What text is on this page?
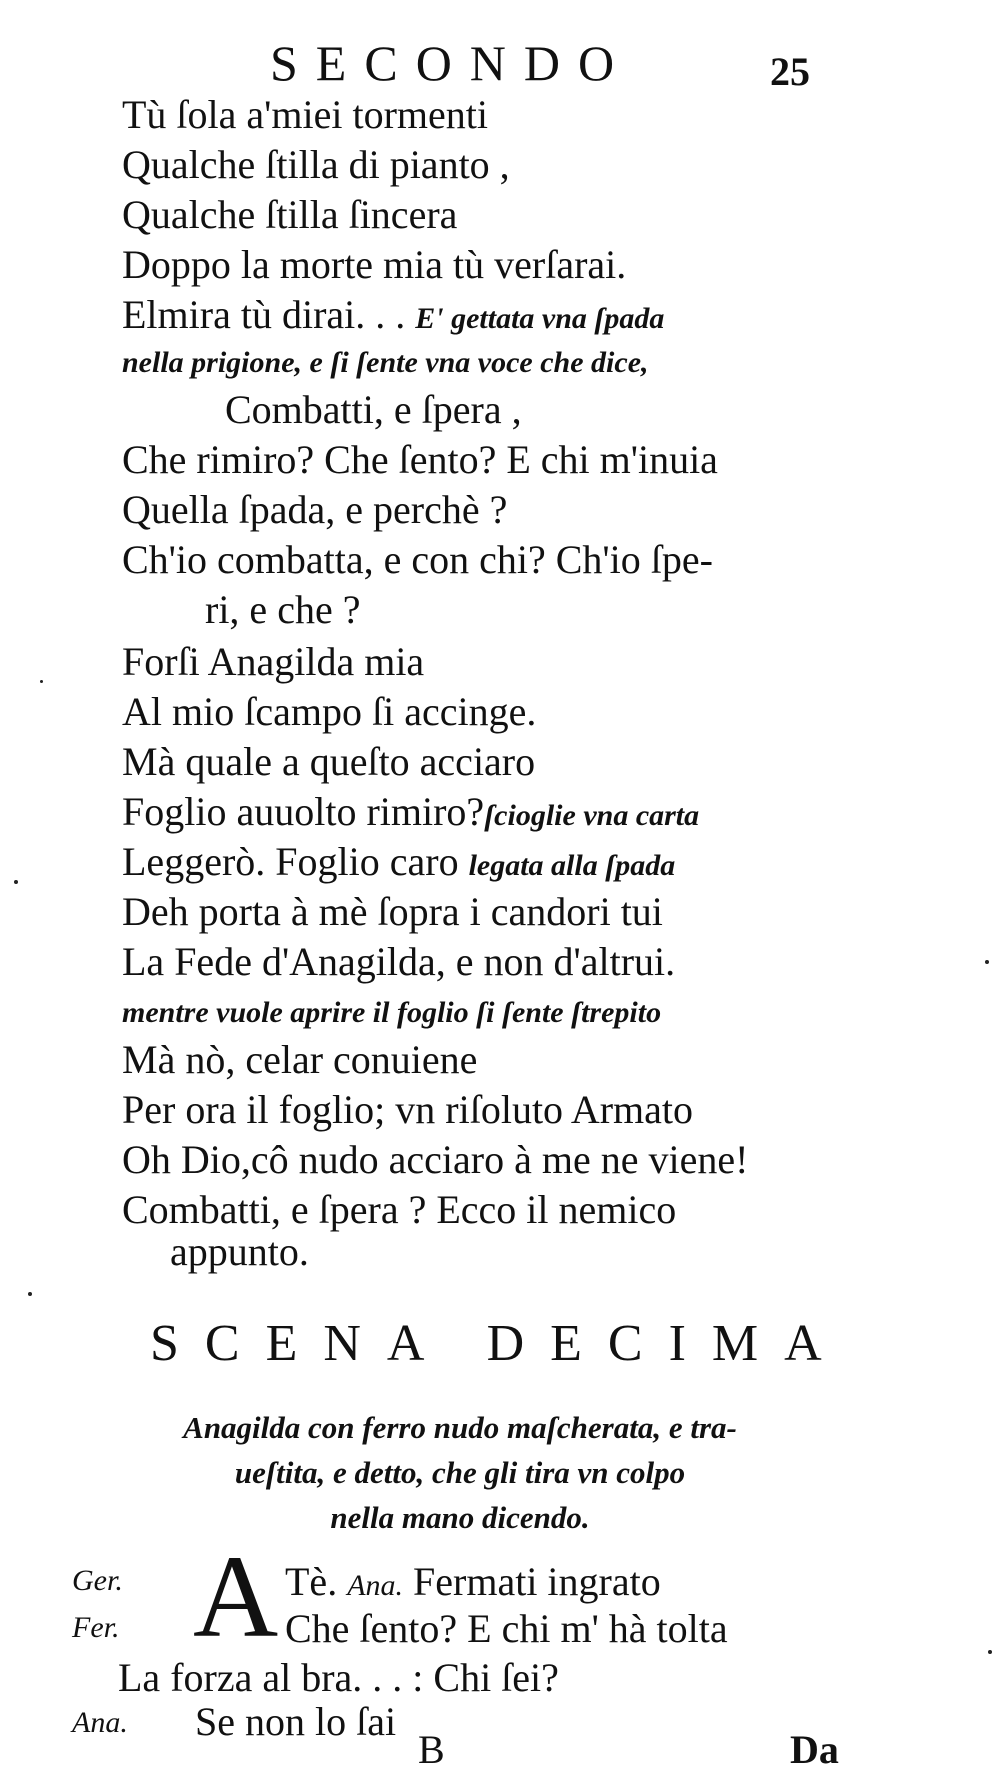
SECONDO	25
Tù ſola a'miei tormenti
Qualche ſtilla di pianto ,
Qualche ſtilla ſincera
Doppo la morte mia tù verſarai.
Elmira tù dirai. . . E' gettata vna ſpada
nella prigione, e ſi ſente vna voce che dice,
Combatti, e ſpera ,
Che rimiro? Che ſento? E chi m'inuia
Quella ſpada, e perchè ?
Ch'io combatta, e con chi? Ch'io ſpe-
ri, e che ?
Forſi Anagilda mia
Al mio ſcampo ſi accinge.
Mà quale a queſto acciaro
Foglio auuolto rimiro?ſcioglie vna carta
Leggerò. Foglio caro legata alla ſpada
Deh porta à mè ſopra i candori tui
La Fede d'Anagilda, e non d'altrui.
mentre vuole aprire il foglio ſi ſente ſtrepito
Mà nò, celar conuiene
Per ora il foglio; vn riſoluto Armato
Oh Dio,cô nudo acciaro à me ne viene!
Combatti, e ſpera ? Ecco il nemico
appunto.
SCENA DECIMA
Anagilda con ferro nudo maſcherata, e tra-
ueſtita, e detto, che gli tira vn colpo
nella mano dicendo.
A
Ger.	Tè. Ana. Fermati ingrato
Fer.	Che ſento? E chi m' hà tolta
La forza al bra. . . : Chi ſei?
Ana. Se non lo ſai
B	Da
